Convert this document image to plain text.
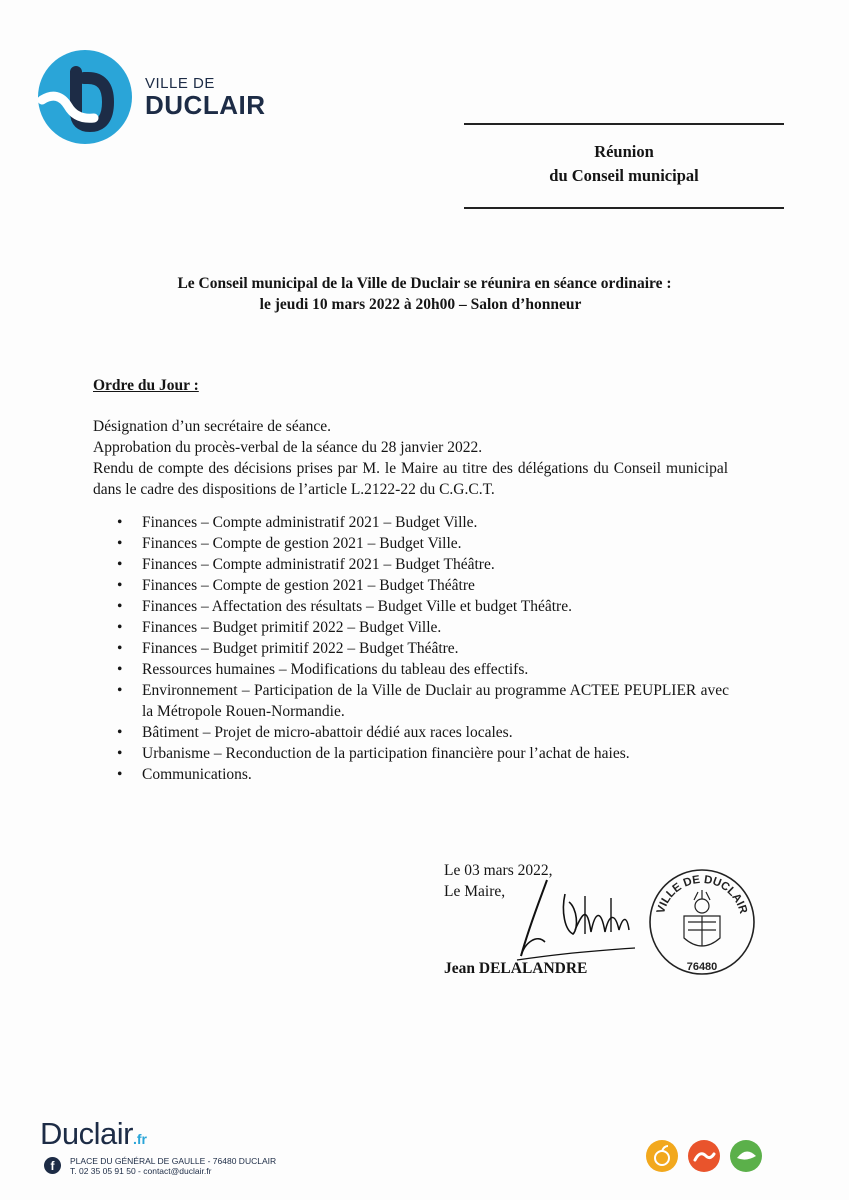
VILLE DE
DUCLAIR
Réunion
du Conseil municipal
Le Conseil municipal de la Ville de Duclair se réunira en séance ordinaire :
le jeudi 10 mars 2022 à 20h00 – Salon d’honneur
Ordre du Jour :

Désignation d’un secrétaire de séance.

Approbation du procès-verbal de la séance du 28 janvier 2022.

Rendu de compte des décisions prises par M. le Maire au titre des délégations du Conseil municipal dans le cadre des dispositions de l’article L.2122-22 du C.G.C.T.

• Finances – Compte administratif 2021 – Budget Ville.
• Finances – Compte de gestion 2021 – Budget Ville.
• Finances – Compte administratif 2021 – Budget Théâtre.
• Finances – Compte de gestion 2021 – Budget Théâtre
• Finances – Affectation des résultats – Budget Ville et budget Théâtre.
• Finances – Budget primitif 2022 – Budget Ville.
• Finances – Budget primitif 2022 – Budget Théâtre.
• Ressources humaines – Modifications du tableau des effectifs.
• Environnement – Participation de la Ville de Duclair au programme ACTEE PEUPLIER avec la Métropole Rouen-Normandie.
• Bâtiment – Projet de micro-abattoir dédié aux races locales.
• Urbanisme – Reconduction de la participation financière pour l’achat de haies.
• Communications.
Le 03 mars 2022,
Le Maire,
VILLE DE DUCLAIR
76480
Jean DELALANDRE
Duclair.fr
f	PLACE DU GÉNÉRAL DE GAULLE - 76480 DUCLAIR
T. 02 35 05 91 50 - contact@duclair.fr
